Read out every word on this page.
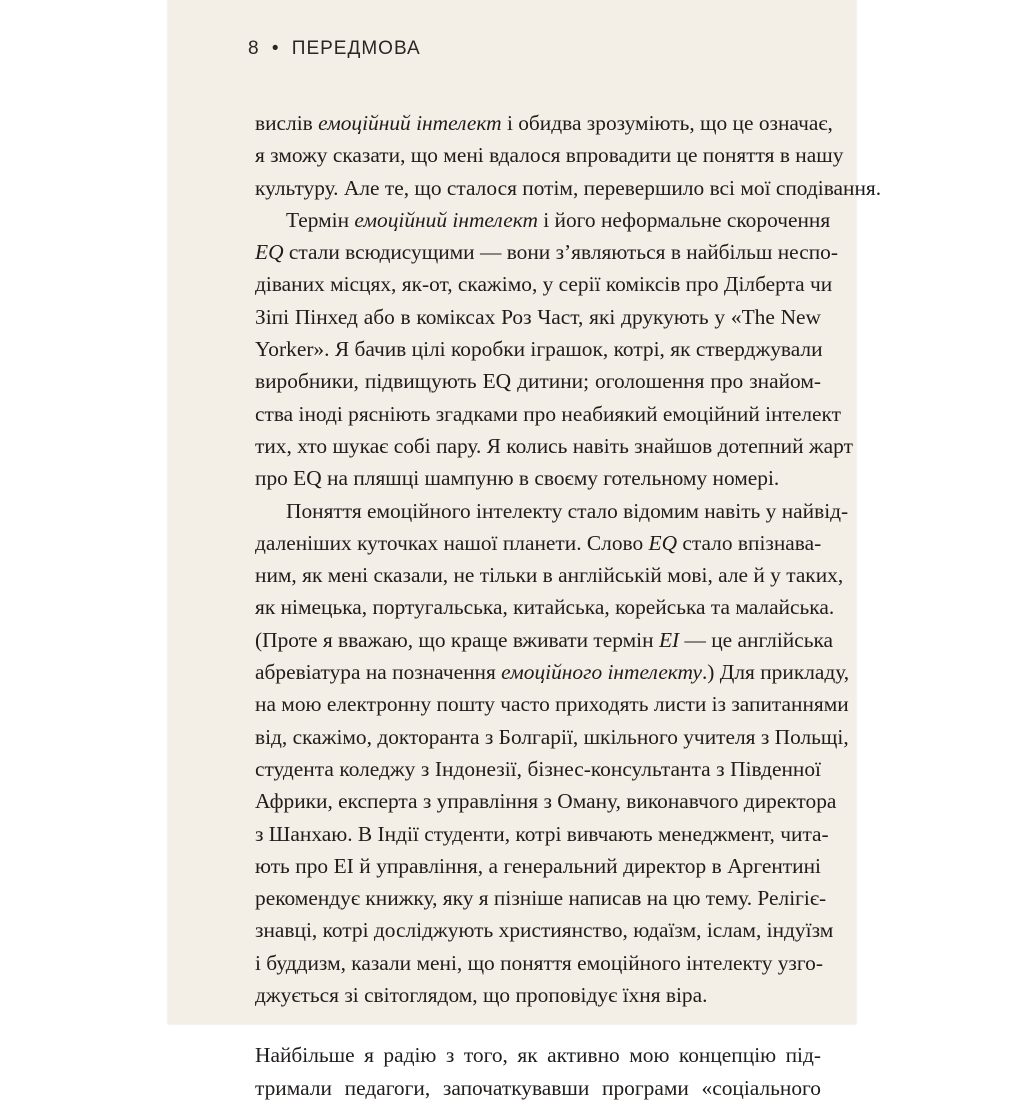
8 • ПЕРЕДМОВА
вислів емоційний інтелект і обидва зрозуміють, що це означає,
я зможу сказати, що мені вдалося впровадити це поняття в нашу
культуру. Але те, що сталося потім, перевершило всі мої сподівання.
Термін емоційний інтелект і його неформальне скорочення
EQ стали всюдисущими — вони з’являються в найбільш неспо-
діваних місцях, як-от, скажімо, у серії коміксів про Ділберта чи
Зіпі Пінхед або в коміксах Роз Част, які друкують у «The New
Yorker». Я бачив цілі коробки іграшок, котрі, як стверджували
виробники, підвищують EQ дитини; оголошення про знайом-
ства іноді рясніють згадками про неабиякий емоційний інтелект
тих, хто шукає собі пару. Я колись навіть знайшов дотепний жарт
про EQ на пляшці шампуню в своєму готельному номері.
Поняття емоційного інтелекту стало відомим навіть у найвід-
даленіших куточках нашої планети. Слово EQ стало впізнава-
ним, як мені сказали, не тільки в англійській мові, але й у таких,
як німецька, португальська, китайська, корейська та малайська.
(Проте я вважаю, що краще вживати термін EI — це англійська
абревіатура на позначення емоційного інтелекту.) Для прикладу,
на мою електронну пошту часто приходять листи із запитаннями
від, скажімо, докторанта з Болгарії, шкільного учителя з Польщі,
студента коледжу з Індонезії, бізнес-консультанта з Південної
Африки, експерта з управління з Оману, виконавчого директора
з Шанхаю. В Індії студенти, котрі вивчають менеджмент, чита-
ють про EI й управління, а генеральний директор в Аргентині
рекомендує книжку, яку я пізніше написав на цю тему. Релігіє-
знавці, котрі досліджують християнство, юдаїзм, іслам, індуїзм
і буддизм, казали мені, що поняття емоційного інтелекту узго-
джується зі світоглядом, що проповідує їхня віра.
Найбільше я радію з того, як активно мою концепцію під-
тримали педагоги, започаткувавши програми «соціального
